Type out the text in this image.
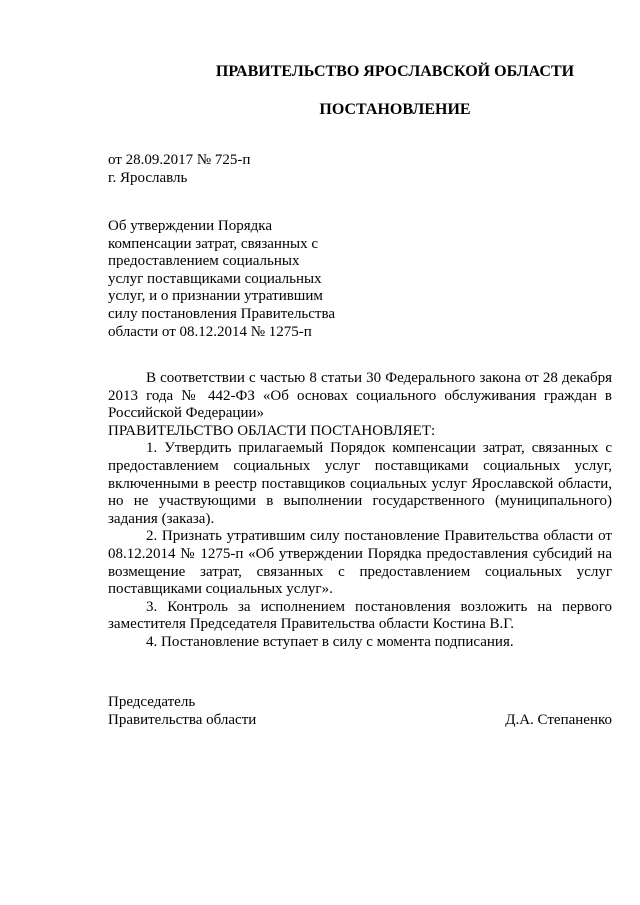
ПРАВИТЕЛЬСТВО ЯРОСЛАВСКОЙ ОБЛАСТИ
ПОСТАНОВЛЕНИЕ
от 28.09.2017 № 725-п
г. Ярославль
Об утверждении Порядка
компенсации затрат, связанных с
предоставлением социальных
услуг поставщиками социальных
услуг, и о признании утратившим
силу постановления Правительства
области от 08.12.2014 № 1275-п

В соответствии с частью 8 статьи 30 Федерального закона от 28 декабря 2013 года № 442-ФЗ «Об основах социального обслуживания граждан в Российской Федерации»

ПРАВИТЕЛЬСТВО ОБЛАСТИ ПОСТАНОВЛЯЕТ:

1. Утвердить прилагаемый Порядок компенсации затрат, связанных с предоставлением социальных услуг поставщиками социальных услуг, включенными в реестр поставщиков социальных услуг Ярославской области, но не участвующими в выполнении государственного (муниципального) задания (заказа).

2. Признать утратившим силу постановление Правительства области от 08.12.2014 № 1275-п «Об утверждении Порядка предоставления субсидий на возмещение затрат, связанных с предоставлением социальных услуг поставщиками социальных услуг».

3. Контроль за исполнением постановления возложить на первого заместителя Председателя Правительства области Костина В.Г.

4. Постановление вступает в силу с момента подписания.

Председатель
Правительства области	Д.А. Степаненко
